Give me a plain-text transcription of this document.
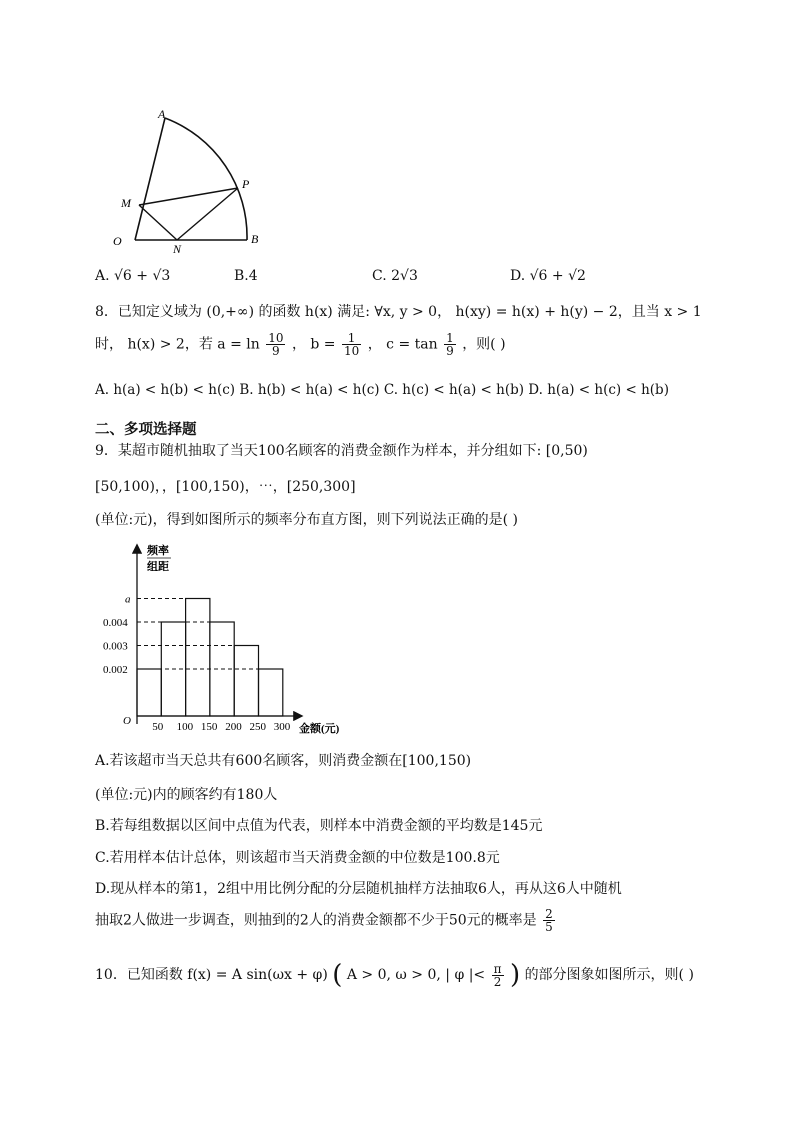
A
P
M
O
N
B
A. √6 + √3	B.4	C. 2√3	D. √6 + √2
8．已知定义域为 (0,+∞) 的函数 h(x) 满足: ∀x, y > 0， h(xy) = h(x) + h(y) − 2，且当 x > 1
时， h(x) > 2，若 $a = \ln \frac{10}{9}$ ， $b = \frac{1}{10}$ ， $c = \tan \frac{1}{9}$ ，则( )
A. h(a) < h(b) < h(c) B. h(b) < h(a) < h(c) C. h(c) < h(a) < h(b) D. h(a) < h(c) < h(b)
二、多项选择题
9．某超市随机抽取了当天100名顾客的消费金额作为样本，并分组如下: [0,50)
[50,100)，，[100,150)，⋯，[250,300]
(单位:元)，得到如图所示的频率分布直方图，则下列说法正确的是( )
频率
组距
O
金额(元)
a
0.004
0.003
0.002
50 100 150 200 250 300
A.若该超市当天总共有600名顾客，则消费金额在[100,150)
(单位:元)内的顾客约有180人
B.若每组数据以区间中点值为代表，则样本中消费金额的平均数是145元
C.若用样本估计总体，则该超市当天消费金额的中位数是100.8元
D.现从样本的第1，2组中用比例分配的分层随机抽样方法抽取6人，再从这6人中随机
抽取2人做进一步调查，则抽到的2人的消费金额都不少于50元的概率是 $\frac{2}{5}$
10．已知函数 f(x) = A sin(ωx + φ) ( A > 0, ω > 0, | φ |< $\frac{\pi}{2}$ ) 的部分图象如图所示，则( )
